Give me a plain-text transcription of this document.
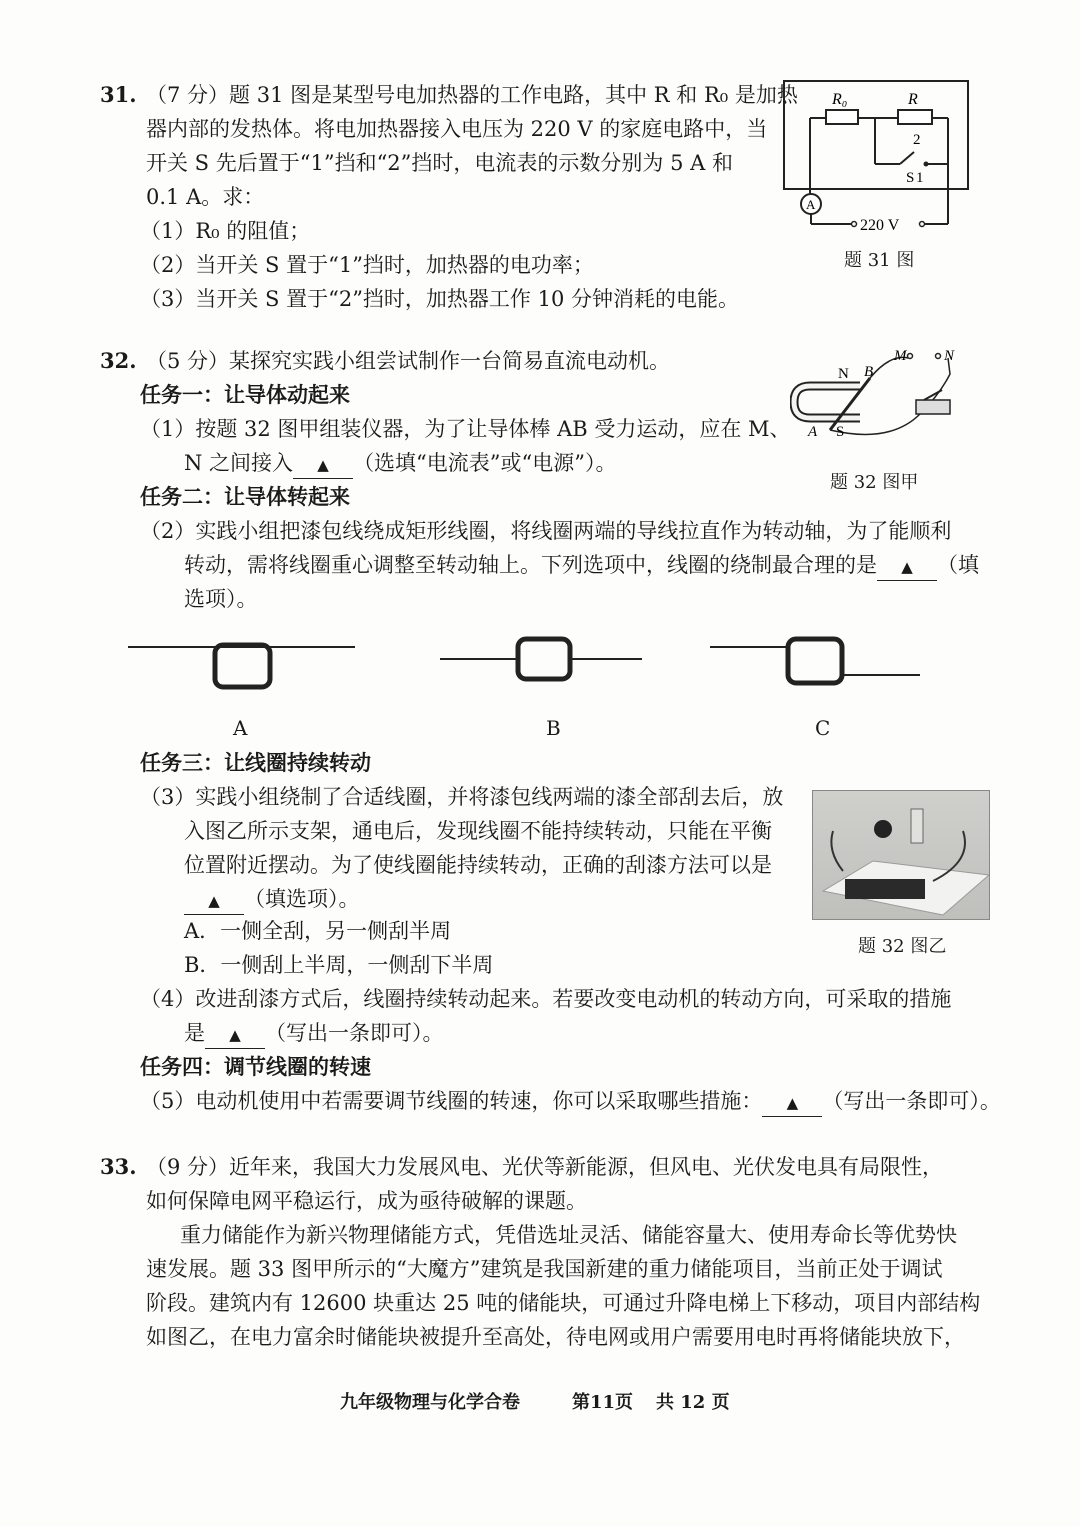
31. （7 分）题 31 图是某型号电加热器的工作电路，其中 R 和 R₀ 是加热
器内部的发热体。将电加热器接入电压为 220 V 的家庭电路中，当
开关 S 先后置于“1”挡和“2”挡时，电流表的示数分别为 5 A 和
0.1 A。求：
（1）R₀ 的阻值；
（2）当开关 S 置于“1”挡时，加热器的电功率；
（3）当开关 S 置于“2”挡时，加热器工作 10 分钟消耗的电能。
R₀	R
2
S 1
A
220 V
题 31 图
32. （5 分）某探究实践小组尝试制作一台简易直流电动机。
任务一：让导体动起来
（1）按题 32 图甲组装仪器，为了让导体棒 AB 受力运动，应在 M、
N 之间接入 ▲ （选填“电流表”或“电源”）。
任务二：让导体转起来
（2）实践小组把漆包线绕成矩形线圈，将线圈两端的导线拉直作为转动轴，为了能顺利
转动，需将线圈重心调整至转动轴上。下列选项中，线圈的绕制最合理的是 ▲ （填
选项）。
N B
M	N
A S
题 32 图甲
A	B	C
任务三：让线圈持续转动
（3）实践小组绕制了合适线圈，并将漆包线两端的漆全部刮去后，放
入图乙所示支架，通电后，发现线圈不能持续转动，只能在平衡
位置附近摆动。为了使线圈能持续转动，正确的刮漆方法可以是
▲ （填选项）。
A．一侧全刮，另一侧刮半周
B．一侧刮上半周，一侧刮下半周
题 32 图乙
（4）改进刮漆方式后，线圈持续转动起来。若要改变电动机的转动方向，可采取的措施
是 ▲ （写出一条即可）。
任务四：调节线圈的转速
（5）电动机使用中若需要调节线圈的转速，你可以采取哪些措施： ▲ （写出一条即可）。
33. （9 分）近年来，我国大力发展风电、光伏等新能源，但风电、光伏发电具有局限性，
如何保障电网平稳运行，成为亟待破解的课题。
重力储能作为新兴物理储能方式，凭借选址灵活、储能容量大、使用寿命长等优势快
速发展。题 33 图甲所示的“大魔方”建筑是我国新建的重力储能项目，当前正处于调试
阶段。建筑内有 12600 块重达 25 吨的储能块，可通过升降电梯上下移动，项目内部结构
如图乙，在电力富余时储能块被提升至高处，待电网或用户需要用电时再将储能块放下，
九年级物理与化学合卷	第11页 共 12 页
